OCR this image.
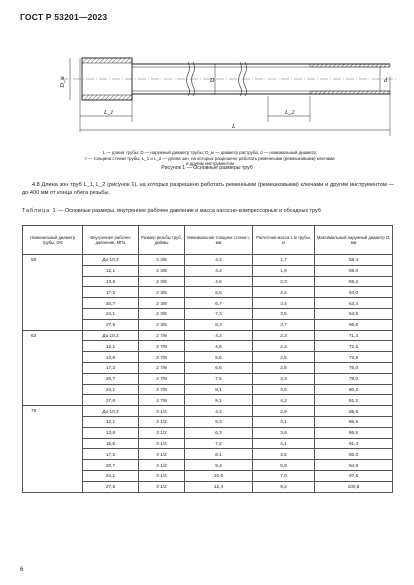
ГОСТ Р 53201—2023
D_м	D	d
L_1	L_2
L
L — длина трубы; D — наружный диаметр трубы; D_м — диаметр раструба; d — номинальный диаметр;
t — толщина стенки трубы; L_1 и L_2 — длина зон, на которых разрешено работать ременными (ремешковыми) ключами
и другим инструментом
Рисунок 1 — Основные размеры труб
4.8 Длина зон труб L_1, L_2 (рисунок 1), на которых разрешено работать ременными (ремешковыми) ключами и другим инструментом — до 400 мм от конца обега резьбы.
Таблица 1 — Основные размеры, внутреннее рабочее давление и масса насосно-компрессорных и обсадных труб
Номинальный диаметр трубы, DN	Внутреннее рабочее давление, МПа	Размер резьбы труб, дюймы	Минимальная толщина стенки t, мм	Расчетная масса 1 м трубы, кг	Максимальный наружный диаметр D, мм
50	До 10,3	2 3/8	4,2	1,7	58,4
	12,1	2 3/8	4,2	1,9	59,0
	13,8	2 3/8	4,6	2,3	59,2
	17,2	2 3/8	6,5	2,4	63,0
	20,7	2 3/8	6,7	3,4	63,4
	24,1	2 3/8	7,3	3,5	64,6
	27,6	2 3/8	8,3	3,7	66,6
63	До 10,3	2 7/8	4,2	2,3	71,4
	12,1	2 7/8	4,6	2,4	72,6
	13,8	2 7/8	5,6	2,5	72,8
	17,2	2 7/8	6,6	2,8	76,0
	20,7	2 7/8	7,6	3,3	78,0
	24,1	2 7/8	8,1	3,6	80,2
	27,6	2 7/8	9,1	4,2	81,2
76	До 10,3	3 1/2	4,2	2,9	85,8
	12,1	3 1/2	5,3	3,1	86,6
	13,8	3 1/2	6,3	3,6	86,6
	15,5	3 1/2	7,2	4,1	91,4
	17,2	3 1/2	8,1	4,5	92,0
	20,7	3 1/2	9,4	5,8	94,8
	24,1	3 1/2	10,6	7,0	97,6
	27,6	3 1/2	12,4	9,2	100,8
6
